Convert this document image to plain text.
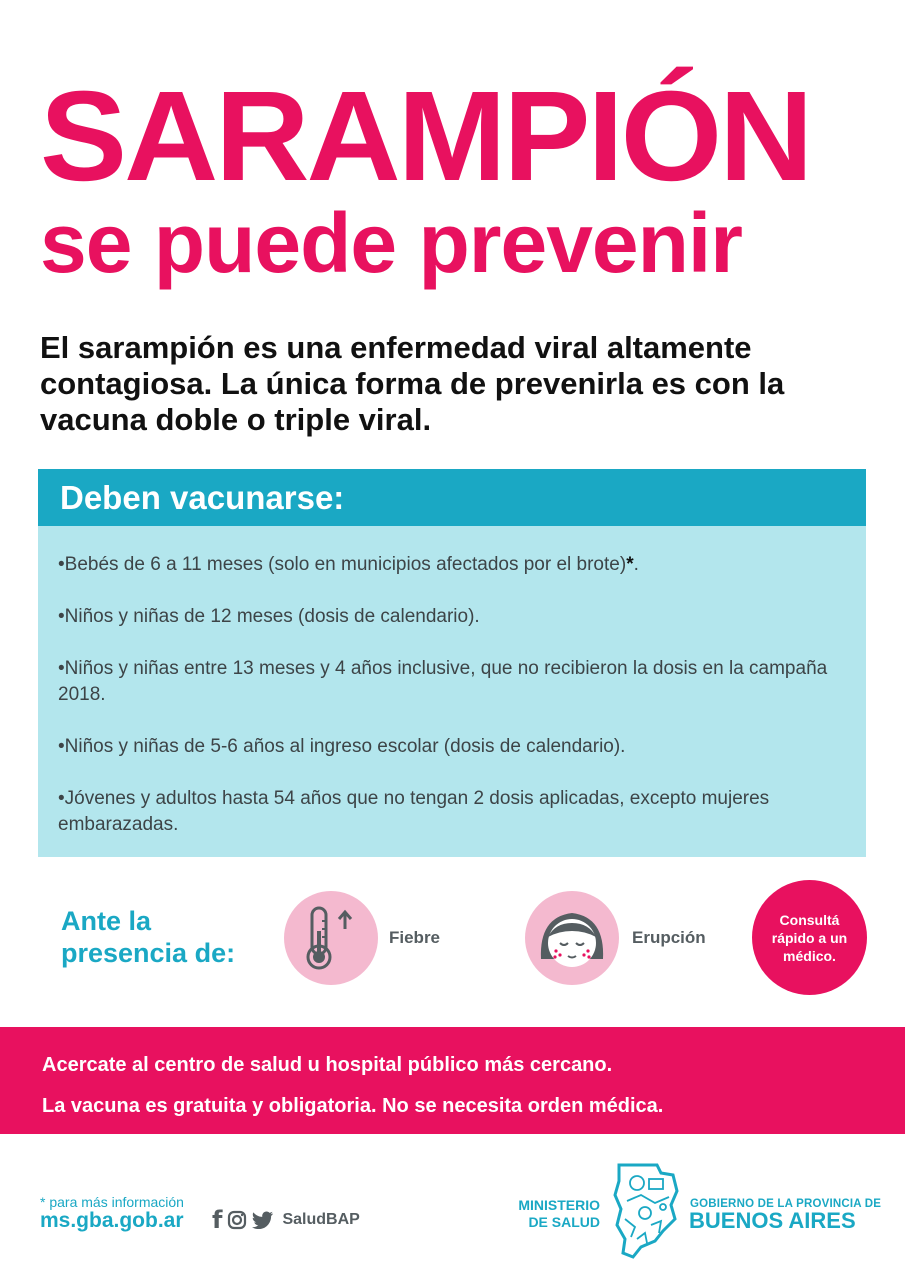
SARAMPIÓN
se puede prevenir

El sarampión es una enfermedad viral altamente contagiosa. La única forma de prevenirla es con la vacuna doble o triple viral.

Deben vacunarse:
• Bebés de 6 a 11 meses (solo en municipios afectados por el brote)*.
• Niños y niñas de 12 meses (dosis de calendario).
• Niños y niñas entre 13 meses y 4 años inclusive, que no recibieron la dosis en la campaña 2018.
• Niños y niñas de 5-6 años al ingreso escolar (dosis de calendario).
• Jóvenes y adultos hasta 54 años que no tengan 2 dosis aplicadas, excepto mujeres embarazadas.
Ante la presencia de:
Fiebre	Erupción
Consultá rápido a un médico.

Acercate al centro de salud u hospital público más cercano.

La vacuna es gratuita y obligatoria. No se necesita orden médica.

* para más información
ms.gba.gob.ar f	SaludBAP
MINISTERIO DE SALUD
GOBIERNO DE LA PROVINCIA DE
BUENOS AIRES
